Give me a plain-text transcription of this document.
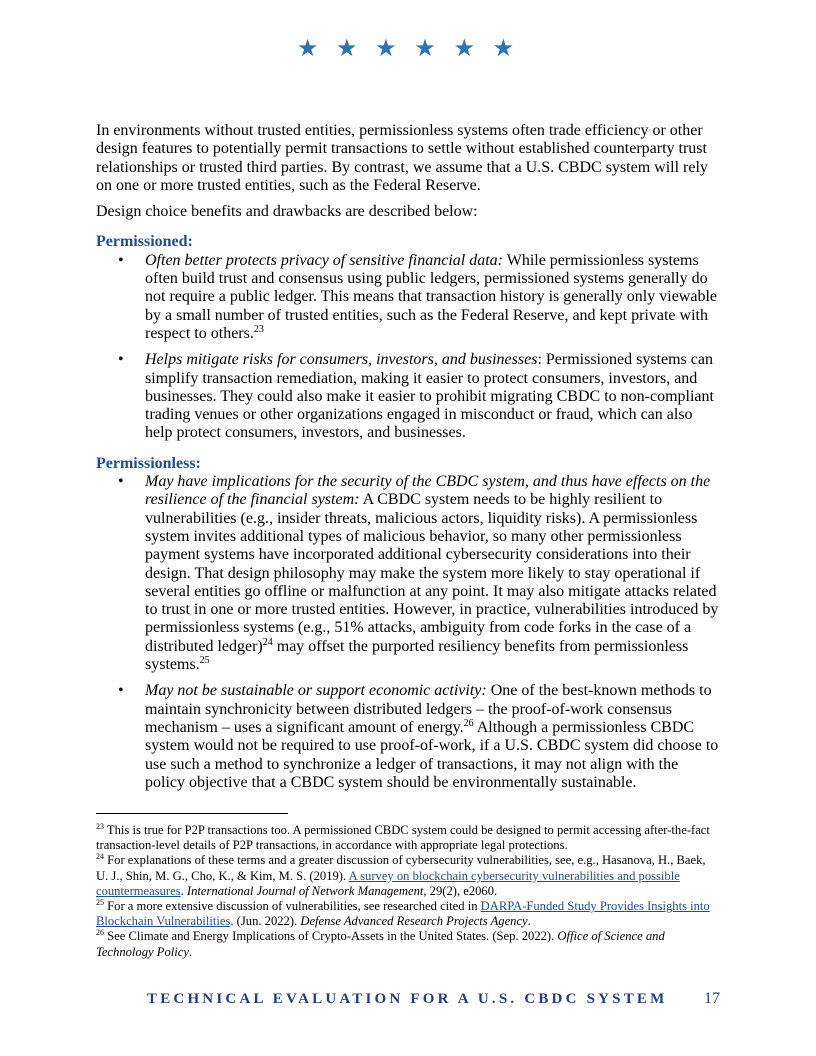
★ ★ ★ ★ ★ ★

In environments without trusted entities, permissionless systems often trade efficiency or other design features to potentially permit transactions to settle without established counterparty trust relationships or trusted third parties. By contrast, we assume that a U.S. CBDC system will rely on one or more trusted entities, such as the Federal Reserve.

Design choice benefits and drawbacks are described below:

Permissioned:
• Often better protects privacy of sensitive financial data: While permissionless systems often build trust and consensus using public ledgers, permissioned systems generally do not require a public ledger. This means that transaction history is generally only viewable by a small number of trusted entities, such as the Federal Reserve, and kept private with respect to others.$^{23}$
• Helps mitigate risks for consumers, investors, and businesses: Permissioned systems can simplify transaction remediation, making it easier to protect consumers, investors, and businesses. They could also make it easier to prohibit migrating CBDC to non-compliant trading venues or other organizations engaged in misconduct or fraud, which can also help protect consumers, investors, and businesses.
Permissionless:
• May have implications for the security of the CBDC system, and thus have effects on the resilience of the financial system: A CBDC system needs to be highly resilient to vulnerabilities (e.g., insider threats, malicious actors, liquidity risks). A permissionless system invites additional types of malicious behavior, so many other permissionless payment systems have incorporated additional cybersecurity considerations into their design. That design philosophy may make the system more likely to stay operational if several entities go offline or malfunction at any point. It may also mitigate attacks related to trust in one or more trusted entities. However, in practice, vulnerabilities introduced by permissionless systems (e.g., 51% attacks, ambiguity from code forks in the case of a distributed ledger)$^{24}$ may offset the purported resiliency benefits from permissionless systems.$^{25}$
• May not be sustainable or support economic activity: One of the best-known methods to maintain synchronicity between distributed ledgers – the proof-of-work consensus mechanism – uses a significant amount of energy.$^{26}$ Although a permissionless CBDC system would not be required to use proof-of-work, if a U.S. CBDC system did choose to use such a method to synchronize a ledger of transactions, it may not align with the policy objective that a CBDC system should be environmentally sustainable.
$^{23}$ This is true for P2P transactions too. A permissioned CBDC system could be designed to permit accessing after-the-fact transaction-level details of P2P transactions, in accordance with appropriate legal protections.
$^{24}$ For explanations of these terms and a greater discussion of cybersecurity vulnerabilities, see, e.g., Hasanova, H., Baek, U. J., Shin, M. G., Cho, K., & Kim, M. S. (2019). A survey on blockchain cybersecurity vulnerabilities and possible countermeasures. International Journal of Network Management, 29(2), e2060.
$^{25}$ For a more extensive discussion of vulnerabilities, see researched cited in DARPA-Funded Study Provides Insights into Blockchain Vulnerabilities. (Jun. 2022). Defense Advanced Research Projects Agency.
$^{26}$ See Climate and Energy Implications of Crypto-Assets in the United States. (Sep. 2022). Office of Science and Technology Policy.
TECHNICAL EVALUATION FOR A U.S. CBDC SYSTEM 17
